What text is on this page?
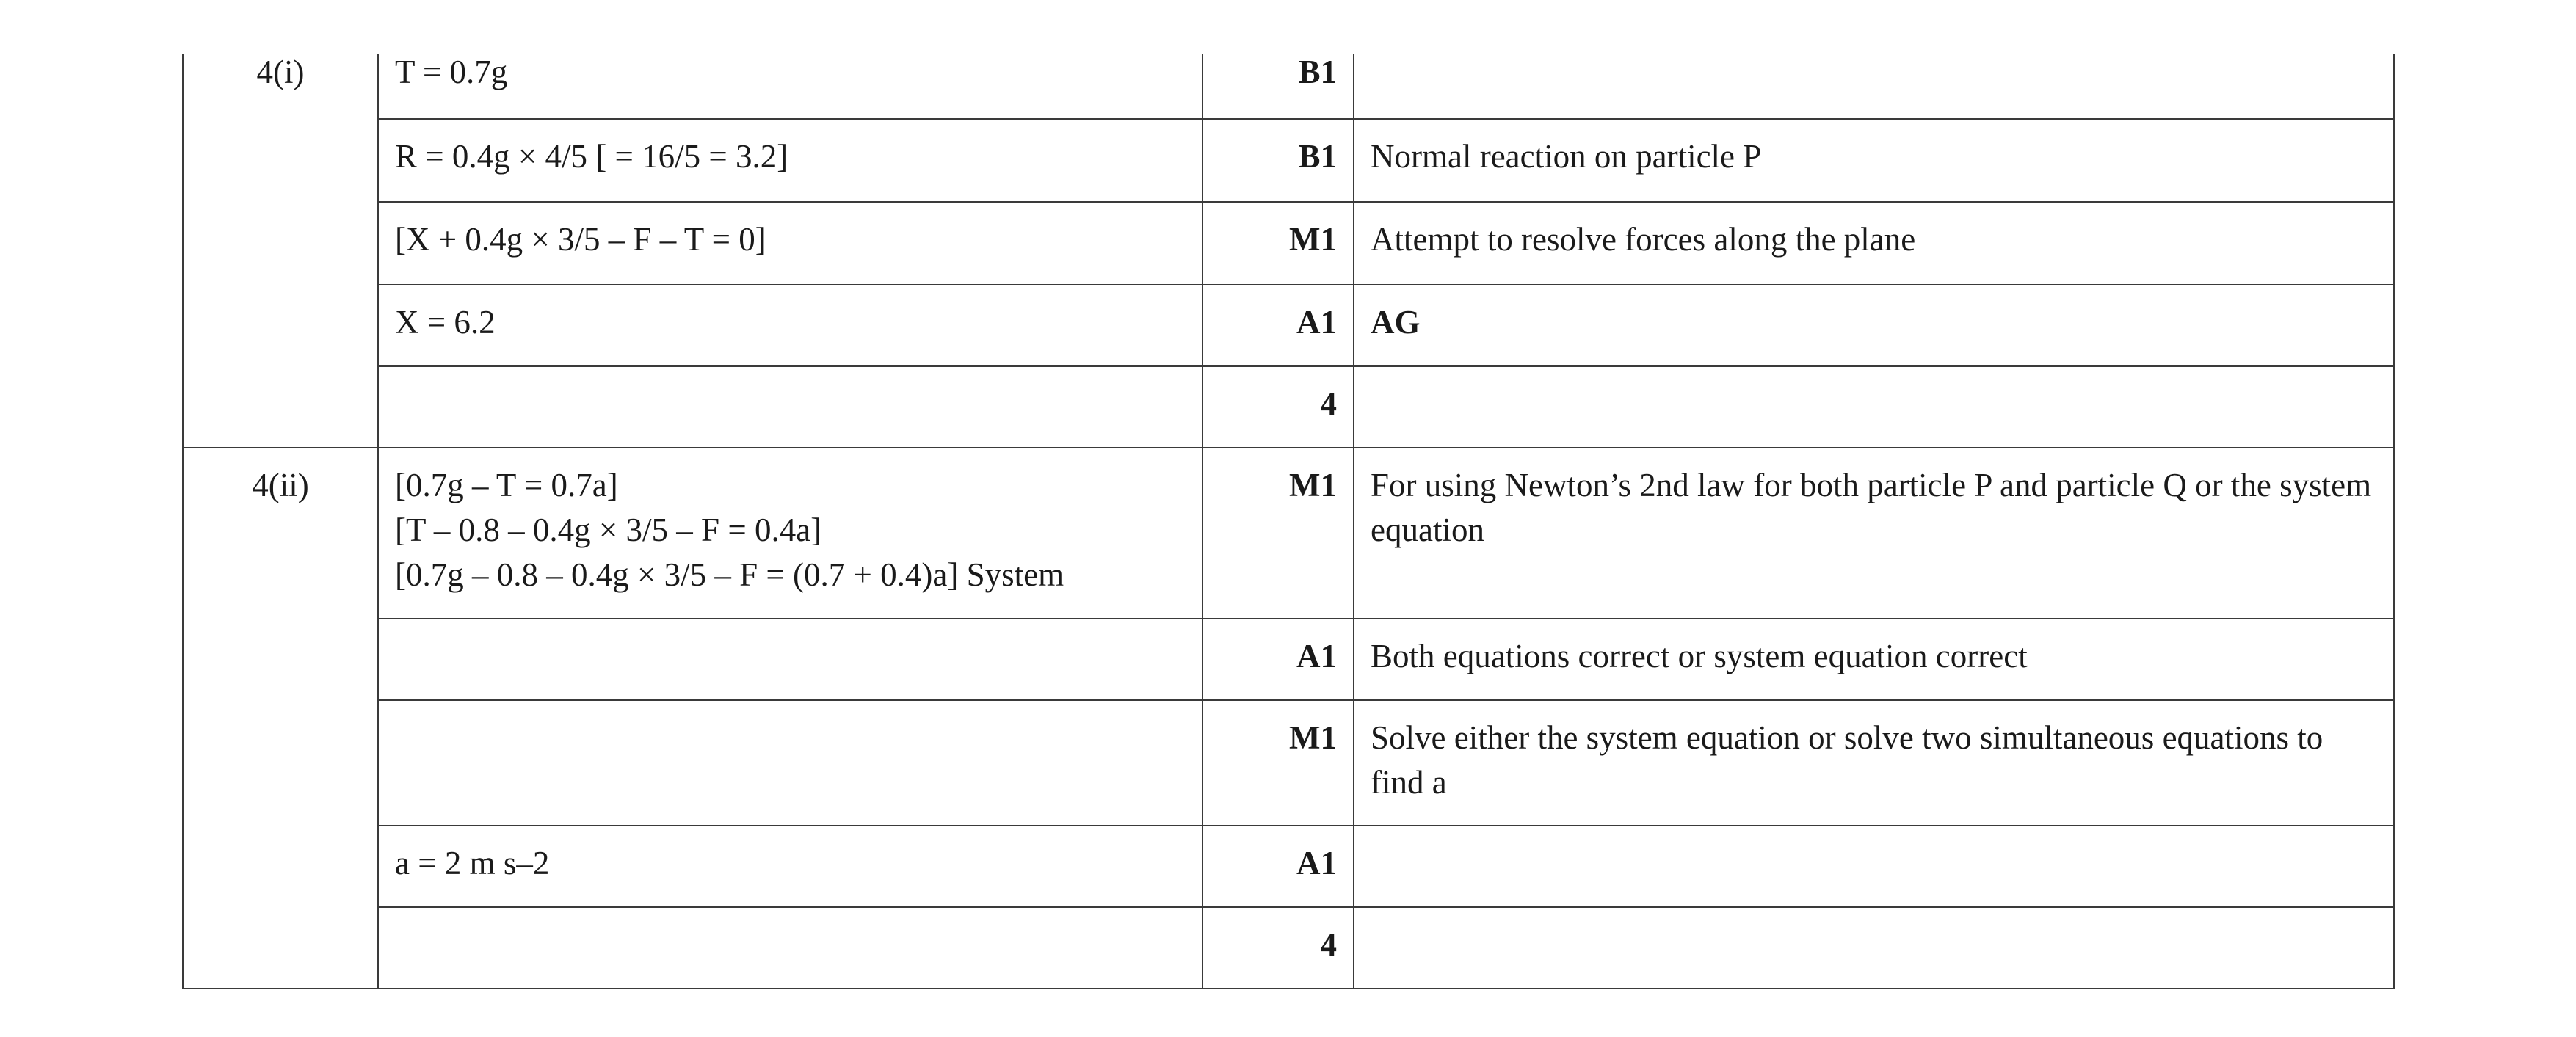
4(i)	T = 0.7g	B1	

	R = 0.4g × 4/5 [ = 16/5 = 3.2]	B1	Normal reaction on particle P

	[X + 0.4g × 3/5 – F – T = 0]	M1	Attempt to resolve forces along the plane

	X = 6.2	A1	AG

		4	

4(ii)	[0.7g – T = 0.7a]
[T – 0.8 – 0.4g × 3/5 – F = 0.4a]
[0.7g – 0.8 – 0.4g × 3/5 – F = (0.7 + 0.4)a] System	M1	For using Newton’s 2nd law for both particle P and particle Q or the system equation

		A1	Both equations correct or system equation correct

		M1	Solve either the system equation or solve two simultaneous equations to find a

	a = 2 m s–2	A1	

		4	
